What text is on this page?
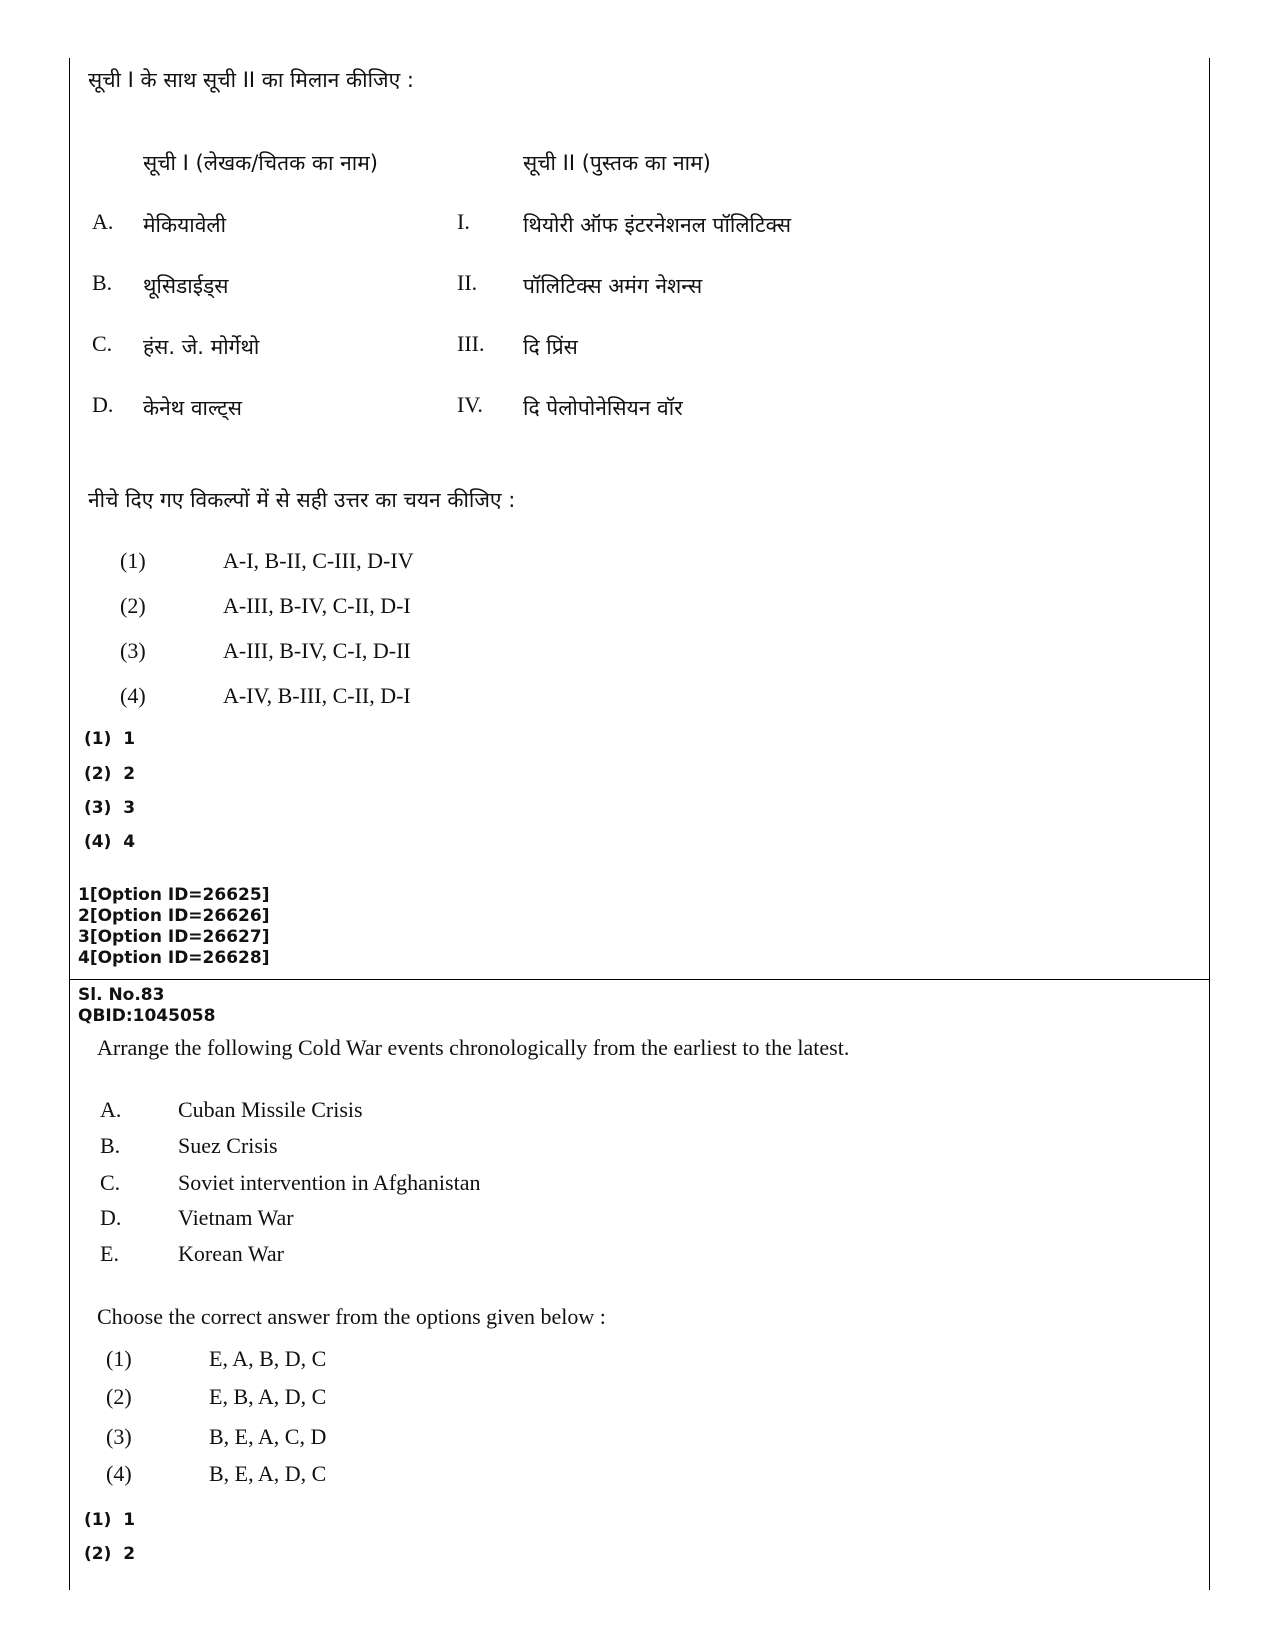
सूची I के साथ सूची II का मिलान कीजिए :
सूची I (लेखक/चितक का नाम)	सूची II (पुस्तक का नाम)
A. मेकियावेली	I.	थियोरी ऑफ इंटरनेशनल पॉलिटिक्स
B. थूसिडाईड्स	II. पॉलिटिक्स अमंग नेशन्स
C. हंस. जे. मोर्गेथो	III. दि प्रिंस
D. केनेथ वाल्ट्स	IV. दि पेलोपोनेसियन वॉर
नीचे दिए गए विकल्पों में से सही उत्तर का चयन कीजिए :
(1)	A-I, B-II, C-III, D-IV
(2)	A-III, B-IV, C-II, D-I
(3)	A-III, B-IV, C-I, D-II
(4)	A-IV, B-III, C-II, D-I
(1) 1
(2) 2
(3) 3
(4) 4
1[Option ID=26625]
2[Option ID=26626]
3[Option ID=26627]
4[Option ID=26628]
Sl. No.83
QBID:1045058
Arrange the following Cold War events chronologically from the earliest to the latest.
A.	Cuban Missile Crisis
B.	Suez Crisis
C.	Soviet intervention in Afghanistan
D.	Vietnam War
E.	Korean War
Choose the correct answer from the options given below :
(1)	E, A, B, D, C
(2)	E, B, A, D, C
(3)	B, E, A, C, D
(4)	B, E, A, D, C
(1) 1
(2) 2
